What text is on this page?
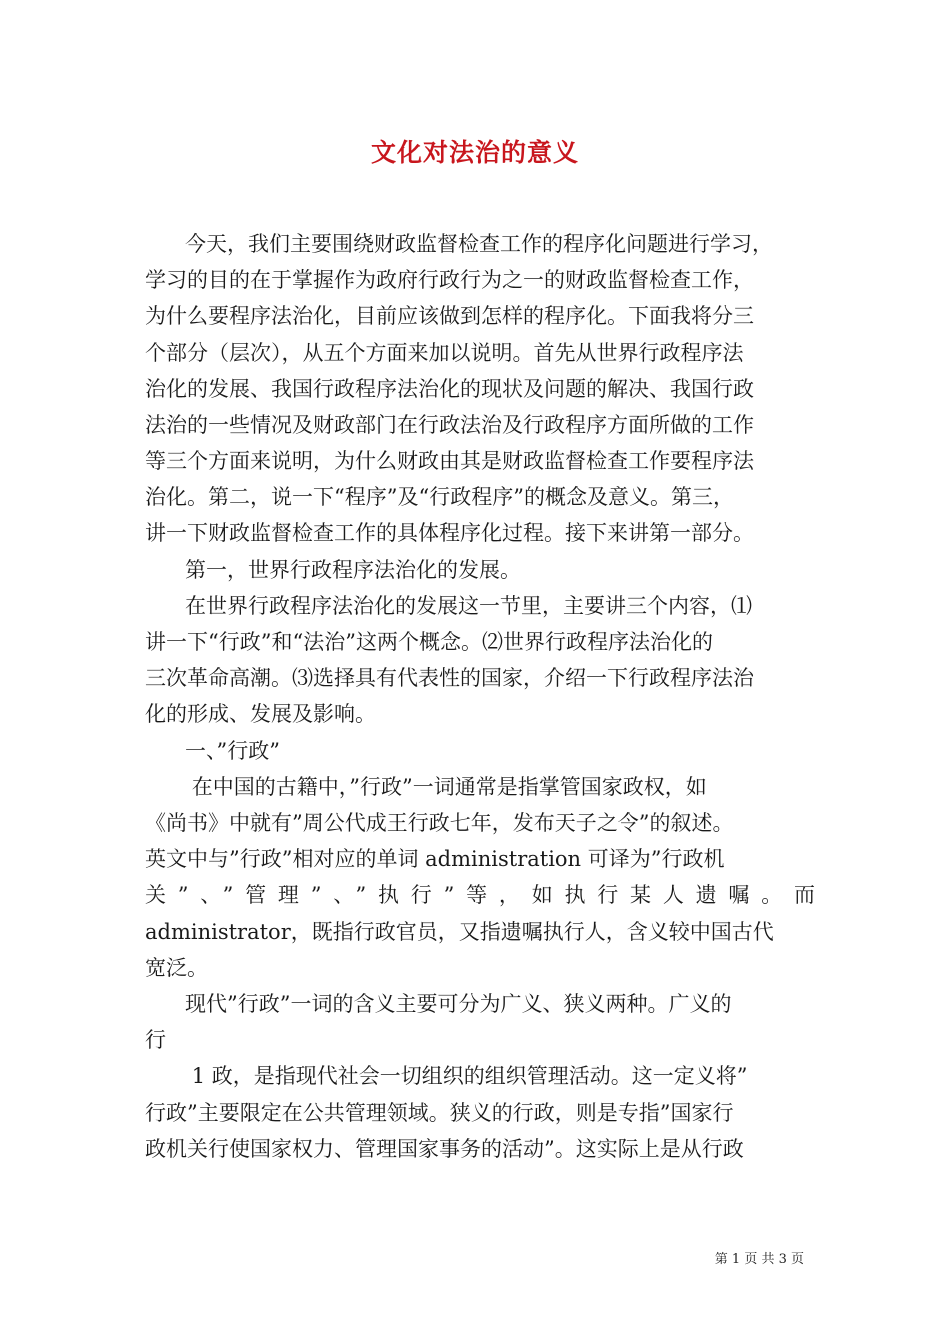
文化对法治的意义
今天，我们主要围绕财政监督检查工作的程序化问题进行学习，
学习的目的在于掌握作为政府行政行为之一的财政监督检查工作，
为什么要程序法治化，目前应该做到怎样的程序化。下面我将分三
个部分（层次），从五个方面来加以说明。首先从世界行政程序法
治化的发展、我国行政程序法治化的现状及问题的解决、我国行政
法治的一些情况及财政部门在行政法治及行政程序方面所做的工作
等三个方面来说明，为什么财政由其是财政监督检查工作要程序法
治化。第二，说一下“程序”及“行政程序”的概念及意义。第三，
讲一下财政监督检查工作的具体程序化过程。接下来讲第一部分。
第一，世界行政程序法治化的发展。
在世界行政程序法治化的发展这一节里，主要讲三个内容，⑴
讲一下“行政”和“法治”这两个概念。⑵世界行政程序法治化的
三次革命高潮。⑶选择具有代表性的国家，介绍一下行政程序法治
化的形成、发展及影响。
一、”行政”
在中国的古籍中，”行政”一词通常是指掌管国家政权，如
《尚书》中就有”周公代成王行政七年，发布天子之令”的叙述。
英文中与”行政”相对应的单词 administration 可译为”行政机
关”、”管理”、”执行”等，如执行某人遗嘱。而
administrator，既指行政官员，又指遗嘱执行人，含义较中国古代
宽泛。
现代”行政”一词的含义主要可分为广义、狭义两种。广义的
行
1 政，是指现代社会一切组织的组织管理活动。这一定义将”
行政”主要限定在公共管理领域。狭义的行政，则是专指”国家行
政机关行使国家权力、管理国家事务的活动”。这实际上是从行政
第 1 页 共 3 页
